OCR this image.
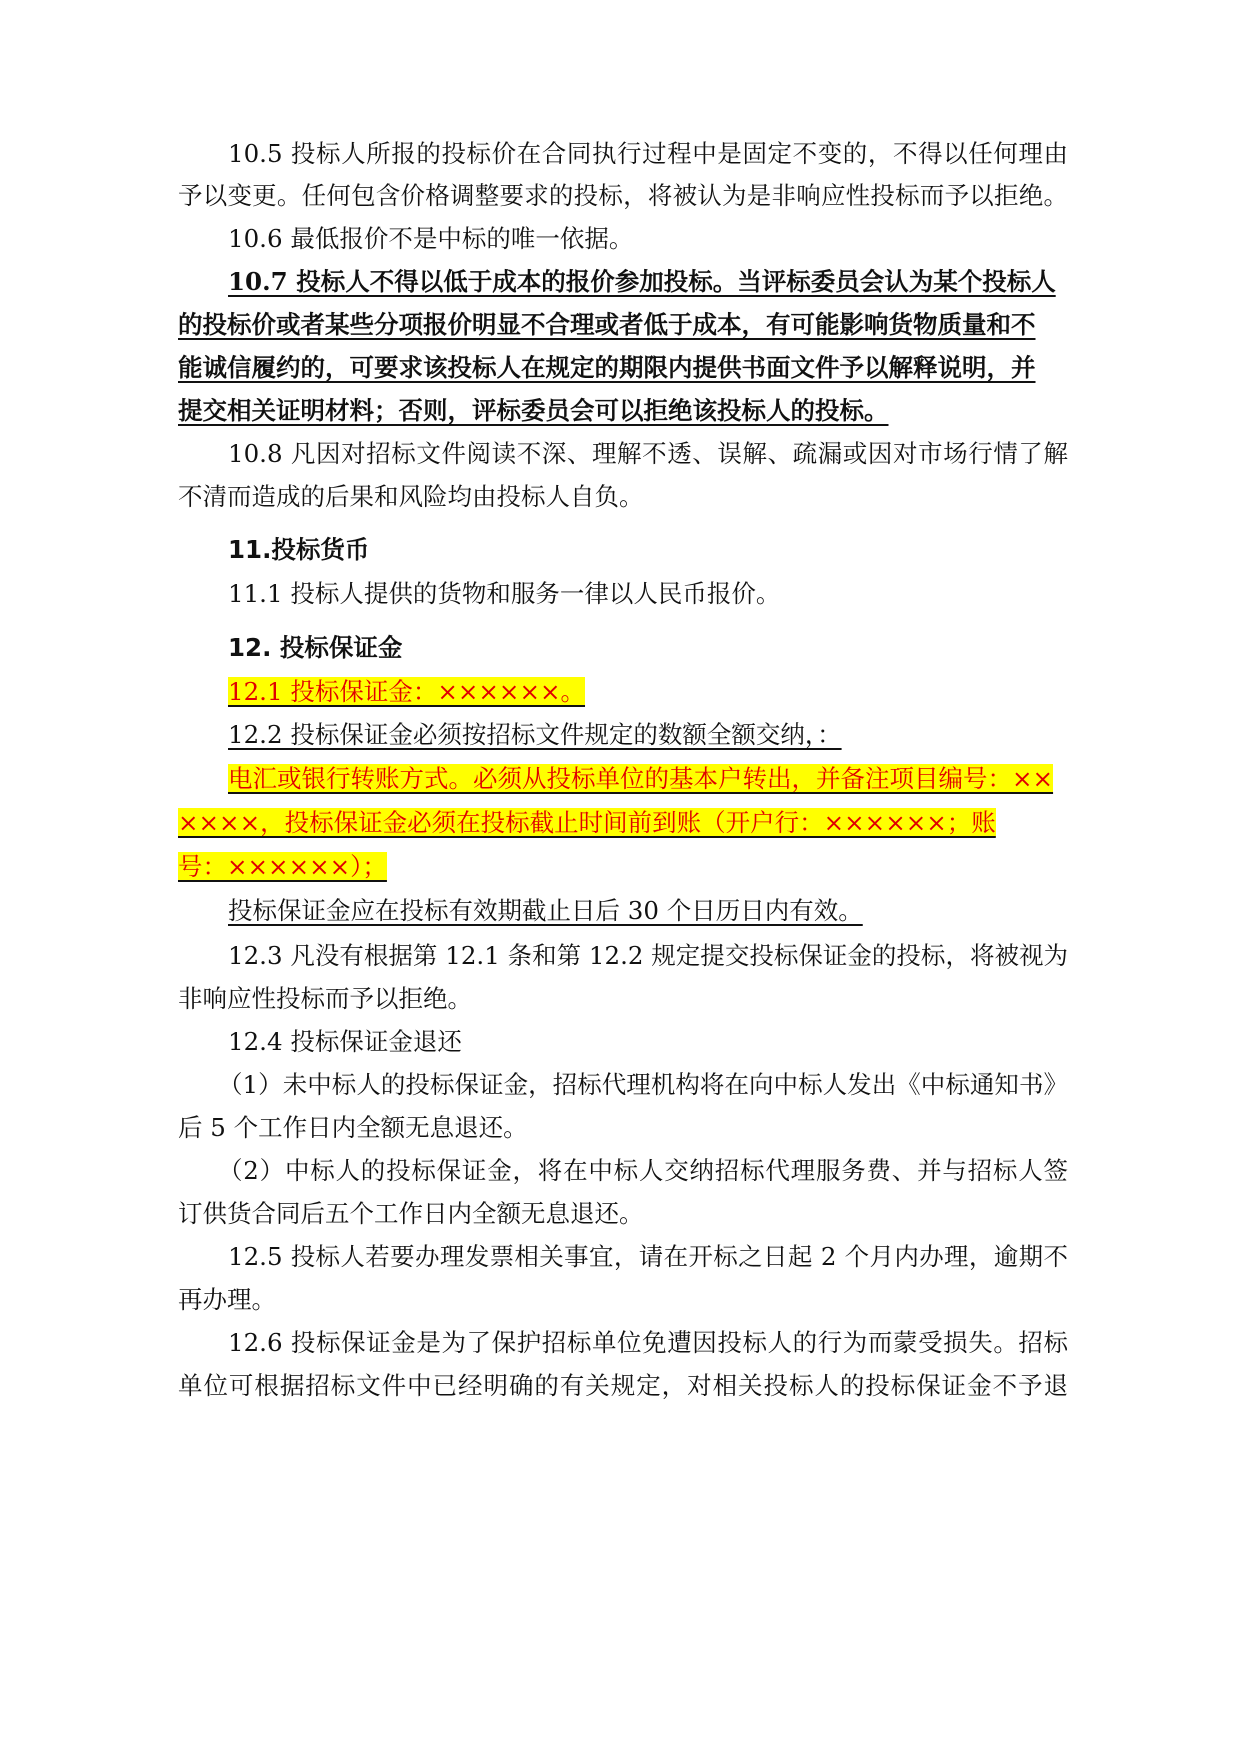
10.5 投标人所报的投标价在合同执行过程中是固定不变的，不得以任何理由
予以变更。任何包含价格调整要求的投标，将被认为是非响应性投标而予以拒绝。
10.6 最低报价不是中标的唯一依据。
10.7 投标人不得以低于成本的报价参加投标。当评标委员会认为某个投标人
的投标价或者某些分项报价明显不合理或者低于成本，有可能影响货物质量和不
能诚信履约的，可要求该投标人在规定的期限内提供书面文件予以解释说明，并
提交相关证明材料；否则，评标委员会可以拒绝该投标人的投标。
10.8 凡因对招标文件阅读不深、理解不透、误解、疏漏或因对市场行情了解
不清而造成的后果和风险均由投标人自负。
11.投标货币
11.1 投标人提供的货物和服务一律以人民币报价。
12. 投标保证金
12.1 投标保证金：××××××。
12.2 投标保证金必须按招标文件规定的数额全额交纳，：
电汇或银行转账方式。必须从投标单位的基本户转出，并备注项目编号：××
××××，投标保证金必须在投标截止时间前到账（开户行：××××××；账
号：××××××）；
投标保证金应在投标有效期截止日后 30 个日历日内有效。
12.3 凡没有根据第 12.1 条和第 12.2 规定提交投标保证金的投标，将被视为
非响应性投标而予以拒绝。
12.4 投标保证金退还
（1）未中标人的投标保证金，招标代理机构将在向中标人发出《中标通知书》
后 5 个工作日内全额无息退还。
（2）中标人的投标保证金，将在中标人交纳招标代理服务费、并与招标人签
订供货合同后五个工作日内全额无息退还。
12.5 投标人若要办理发票相关事宜，请在开标之日起 2 个月内办理，逾期不
再办理。
12.6 投标保证金是为了保护招标单位免遭因投标人的行为而蒙受损失。招标
单位可根据招标文件中已经明确的有关规定，对相关投标人的投标保证金不予退
